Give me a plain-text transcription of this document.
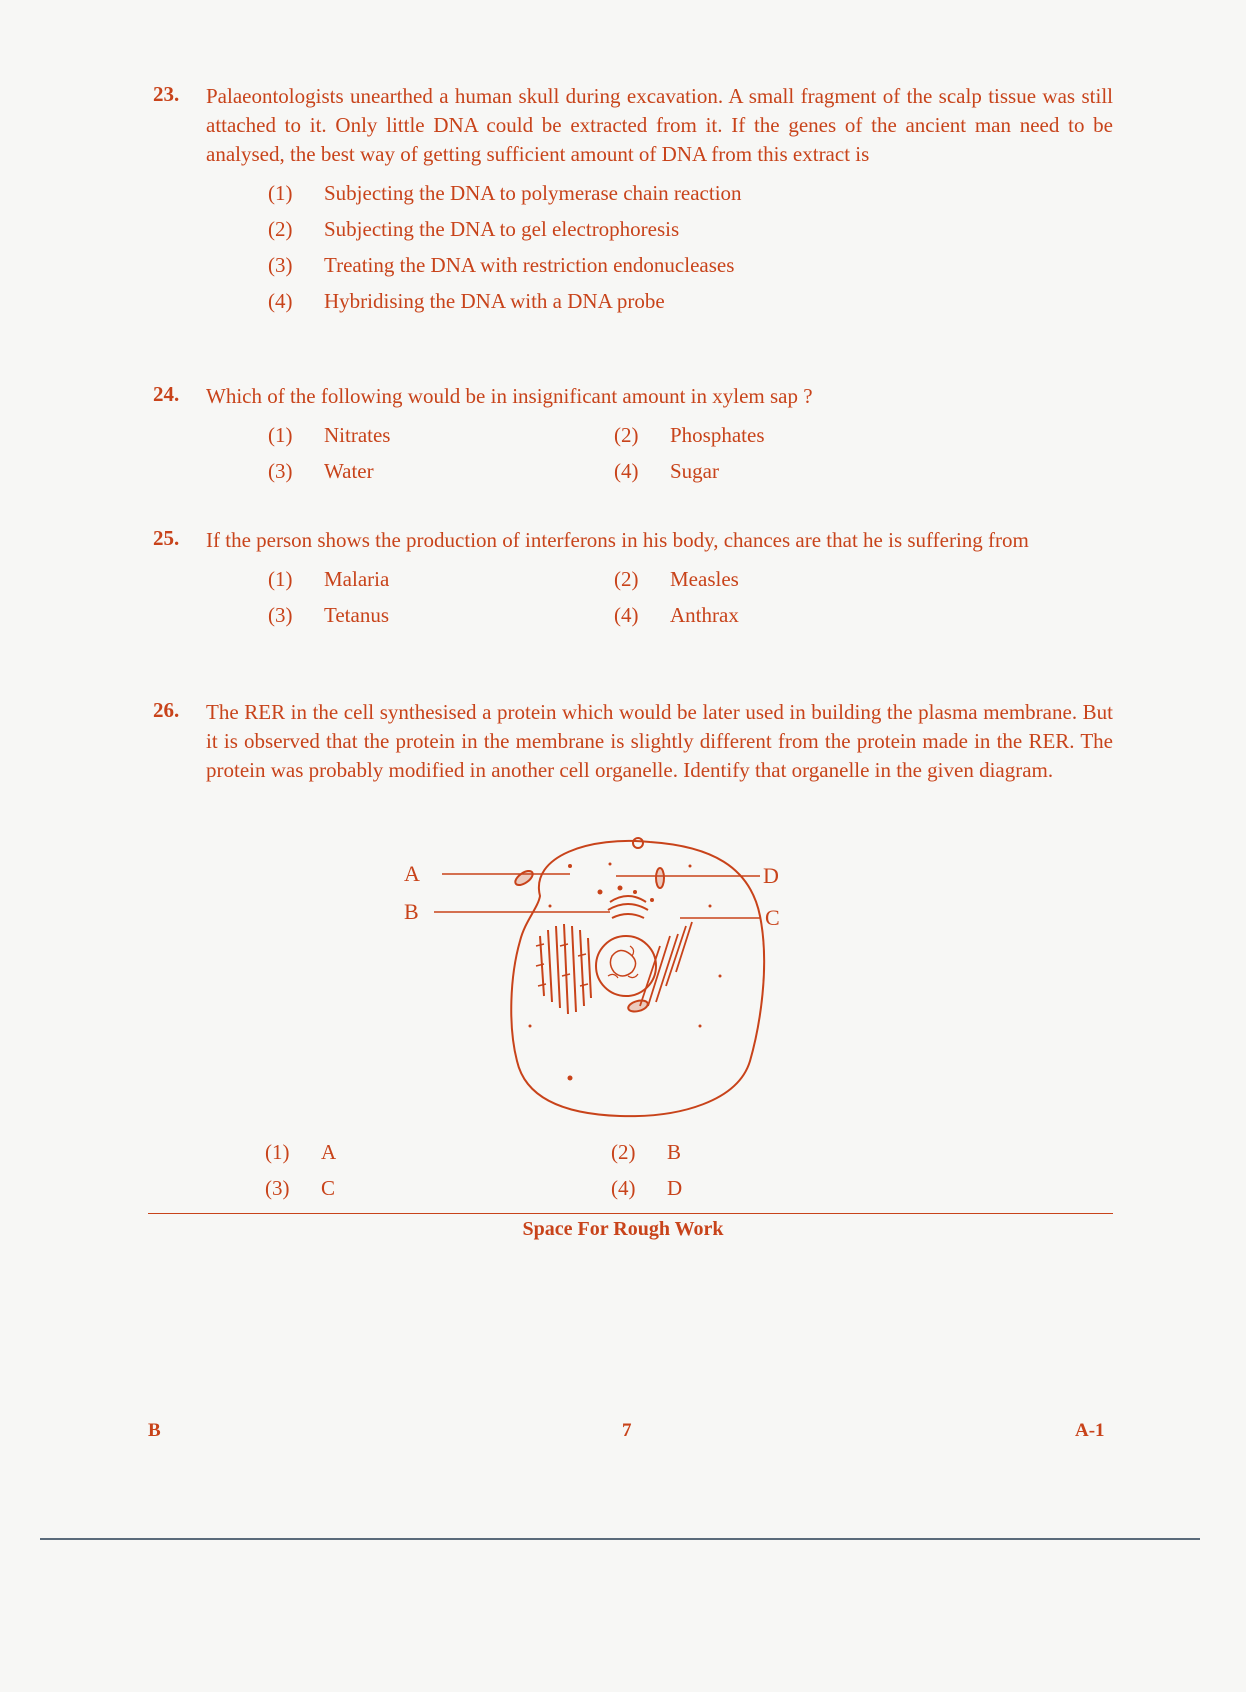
23. Palaeontologists unearthed a human skull during excavation. A small fragment of the scalp tissue was still attached to it. Only little DNA could be extracted from it. If the genes of the ancient man need to be analysed, the best way of getting sufficient amount of DNA from this extract is
(1) Subjecting the DNA to polymerase chain reaction
(2) Subjecting the DNA to gel electrophoresis
(3) Treating the DNA with restriction endonucleases
(4) Hybridising the DNA with a DNA probe
24. Which of the following would be in insignificant amount in xylem sap ?
(1) Nitrates	(2) Phosphates
(3) Water	(4) Sugar
25. If the person shows the production of interferons in his body, chances are that he is suffering from
(1) Malaria	(2) Measles
(3) Tetanus	(4) Anthrax
26. The RER in the cell synthesised a protein which would be later used in building the plasma membrane. But it is observed that the protein in the membrane is slightly different from the protein made in the RER. The protein was probably modified in another cell organelle. Identify that organelle in the given diagram.
A
B
D
C
(1) A	(2) B
(3) C	(4) D
Space For Rough Work
B	7	A-1
